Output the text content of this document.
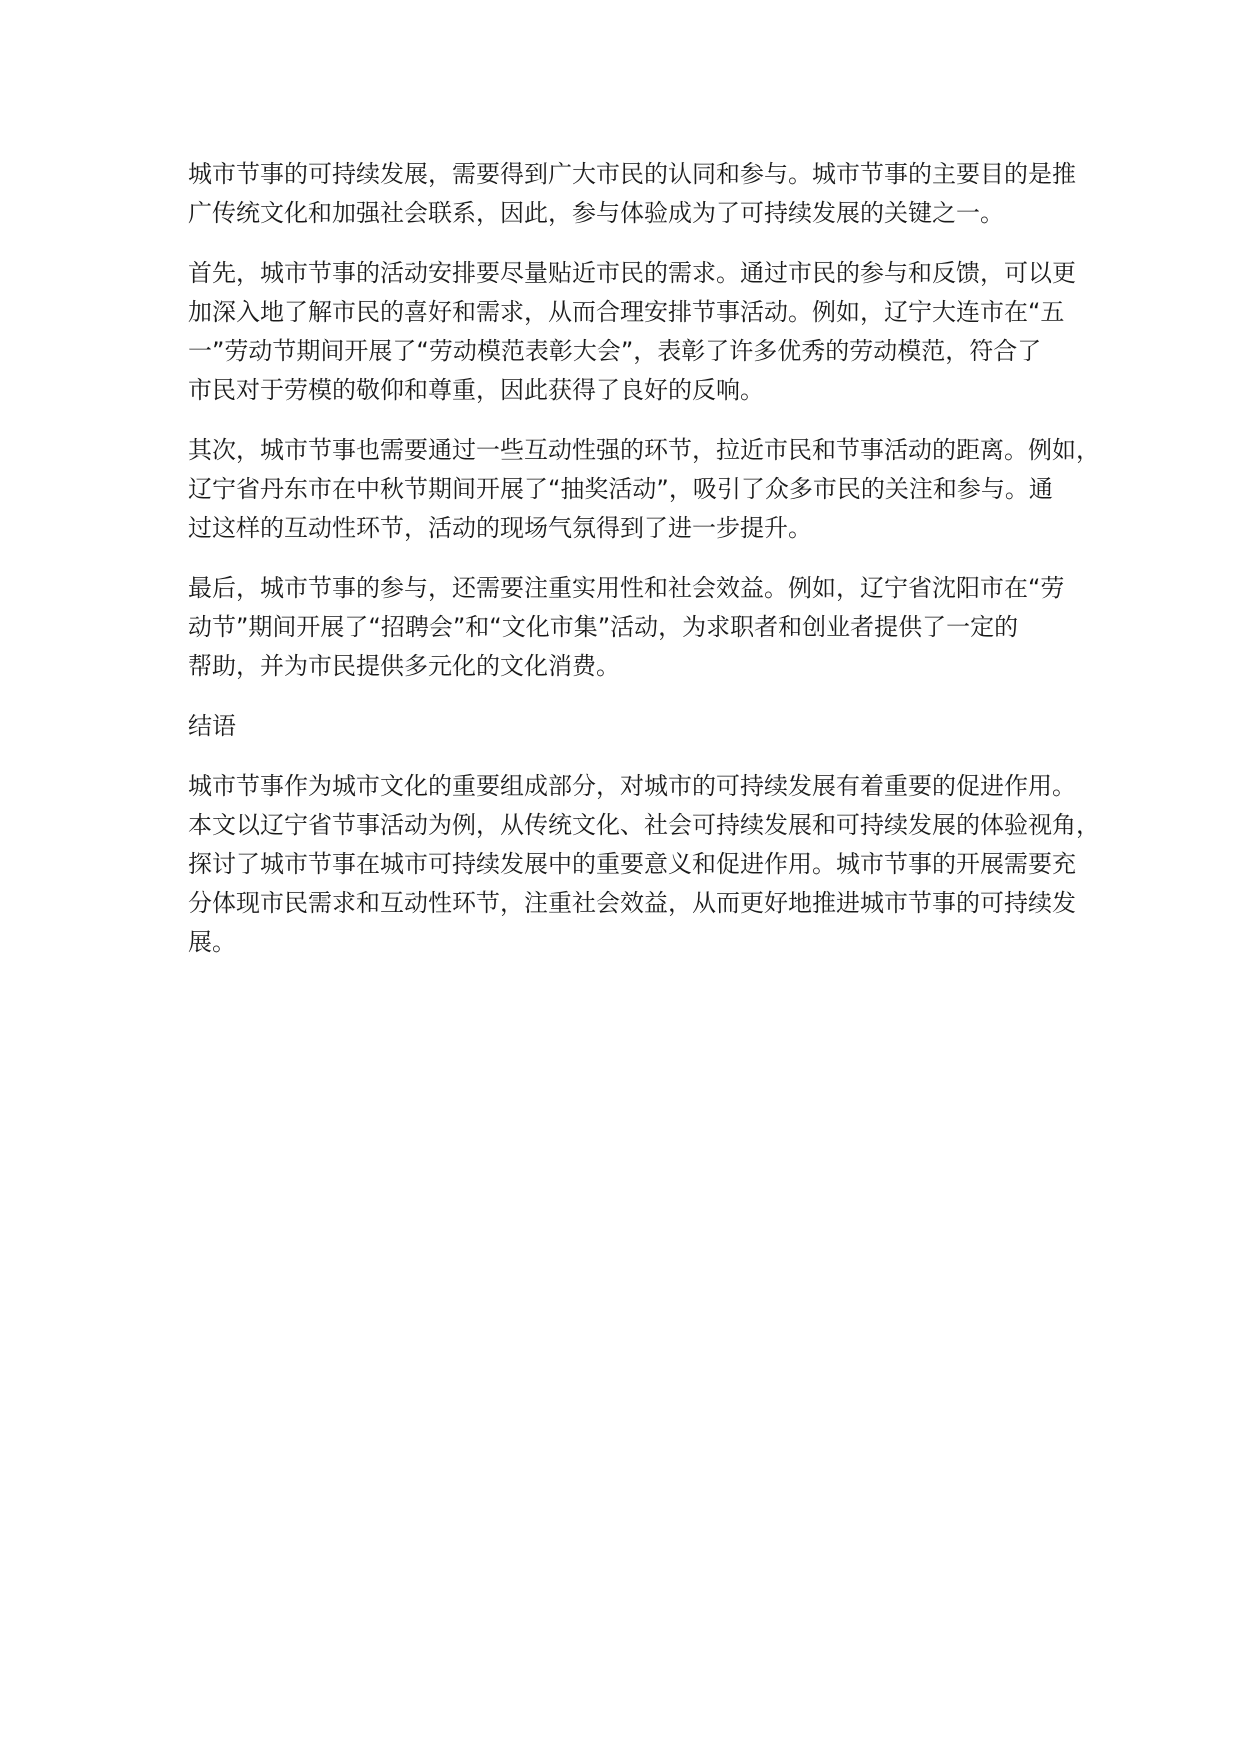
城市节事的可持续发展，需要得到广大市民的认同和参与。城市节事的主要目的是推
广传统文化和加强社会联系，因此，参与体验成为了可持续发展的关键之一。

首先，城市节事的活动安排要尽量贴近市民的需求。通过市民的参与和反馈，可以更
加深入地了解市民的喜好和需求，从而合理安排节事活动。例如，辽宁大连市在“五
一”劳动节期间开展了“劳动模范表彰大会”，表彰了许多优秀的劳动模范，符合了
市民对于劳模的敬仰和尊重，因此获得了良好的反响。

其次，城市节事也需要通过一些互动性强的环节，拉近市民和节事活动的距离。例如，
辽宁省丹东市在中秋节期间开展了“抽奖活动”，吸引了众多市民的关注和参与。通
过这样的互动性环节，活动的现场气氛得到了进一步提升。

最后，城市节事的参与，还需要注重实用性和社会效益。例如，辽宁省沈阳市在“劳
动节”期间开展了“招聘会”和“文化市集”活动，为求职者和创业者提供了一定的
帮助，并为市民提供多元化的文化消费。

结语

城市节事作为城市文化的重要组成部分，对城市的可持续发展有着重要的促进作用。
本文以辽宁省节事活动为例，从传统文化、社会可持续发展和可持续发展的体验视角，
探讨了城市节事在城市可持续发展中的重要意义和促进作用。城市节事的开展需要充
分体现市民需求和互动性环节，注重社会效益，从而更好地推进城市节事的可持续发
展。
